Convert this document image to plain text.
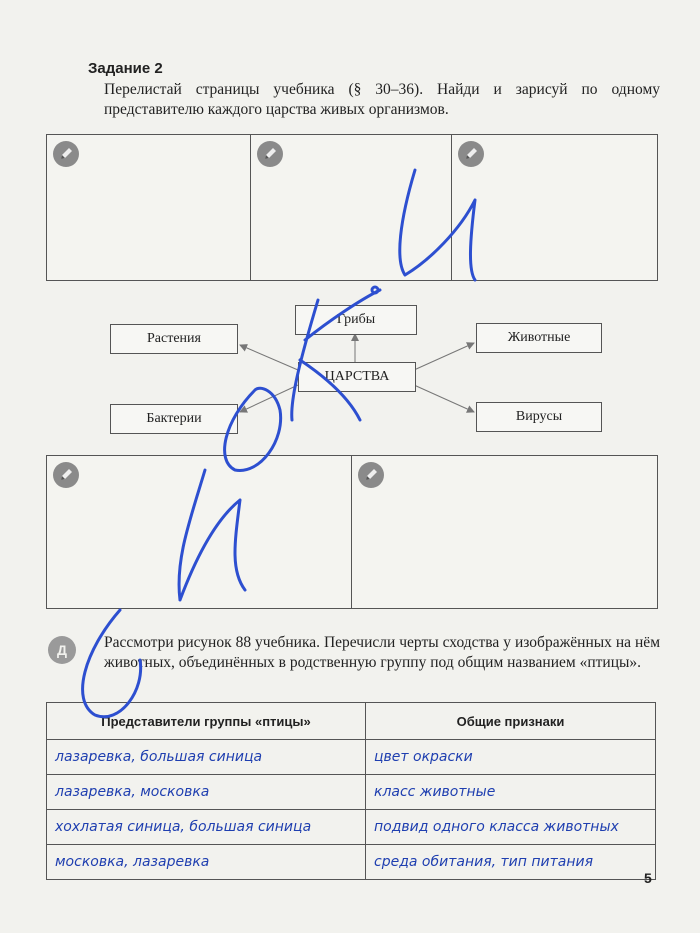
Задание 2
Перелистай страницы учебника (§ 30–36). Найди и зарисуй по одному представителю каждого царства живых организмов.
Грибы
Растения	Животные
ЦАРСТВА
Бактерии	Вирусы
Д	Рассмотри рисунок 88 учебника. Перечисли черты сходства у изображённых на нём животных, объединённых в родственную группу под общим названием «птицы».
Представители группы «птицы»	Общие признаки
лазаревка, большая синица	цвет окраски
лазаревка, московка	класс животные
хохлатая синица, большая синица	подвид одного класса животных
московка, лазаревка	среда обитания, тип питания
5
